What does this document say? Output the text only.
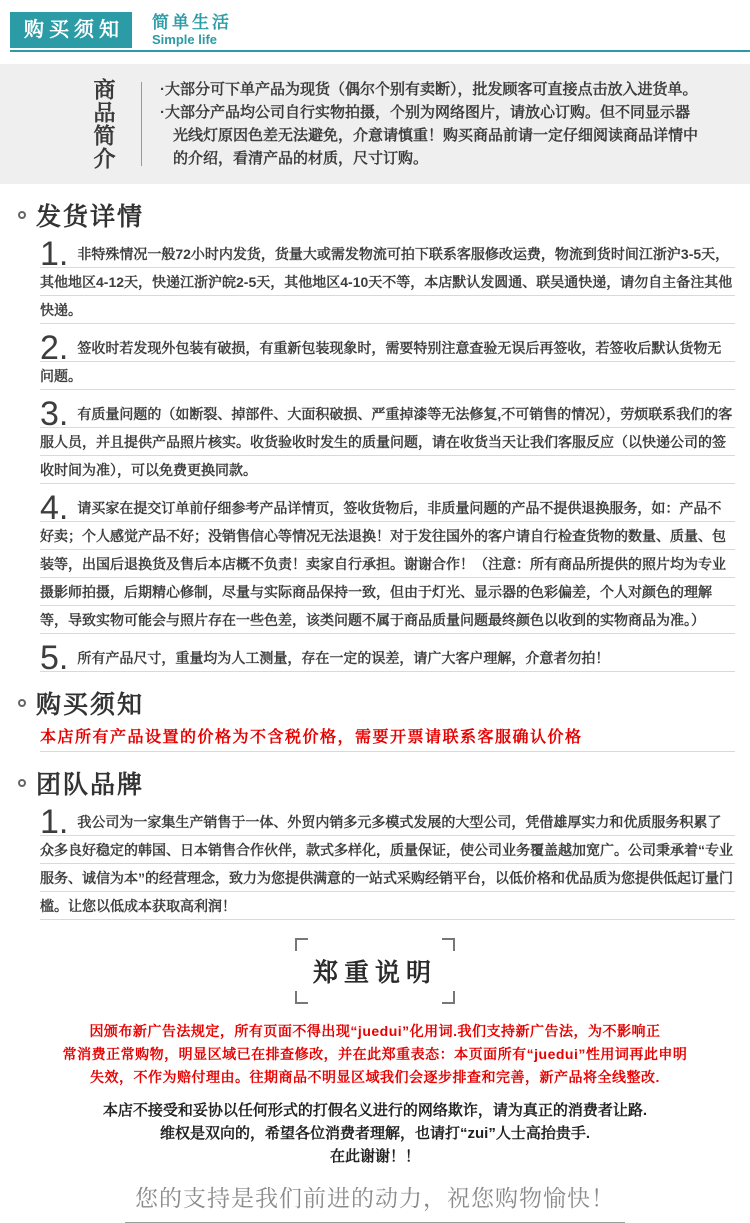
购买须知	简单生活
Simple life
商品简介	·大部分可下单产品为现货（偶尔个别有卖断），批发顾客可直接点击放入进货单。

·大部分产品均公司自行实物拍摄，个别为网络图片，请放心订购。但不同显示器光线灯原因色差无法避免，介意请慎重！购买商品前请一定仔细阅读商品详情中的介绍，看清产品的材质，尺寸订购。

发货详情
1. 非特殊情况一般72小时内发货，货量大或需发物流可拍下联系客服修改运费，物流到货时间江浙沪3-5天，其他地区4-12天，快递江浙沪皖2-5天，其他地区4-10天不等，本店默认发圆通、联吴通快递，请勿自主备注其他快递。
2. 签收时若发现外包装有破损，有重新包装现象时，需要特别注意查验无误后再签收，若签收后默认货物无问题。
3. 有质量问题的（如断裂、掉部件、大面积破损、严重掉漆等无法修复,不可销售的情况），劳烦联系我们的客服人员，并且提供产品照片核实。收货验收时发生的质量问题，请在收货当天让我们客服反应（以快递公司的签收时间为准），可以免费更换同款。
4. 请买家在提交订单前仔细参考产品详情页，签收货物后，非质量问题的产品不提供退换服务，如：产品不好卖；个人感觉产品不好；没销售信心等情况无法退换！对于发往国外的客户请自行检查货物的数量、质量、包装等，出国后退换货及售后本店概不负责！卖家自行承担。谢谢合作！（注意：所有商品所提供的照片均为专业摄影师拍摄，后期精心修制，尽量与实际商品保持一致，但由于灯光、显示器的色彩偏差，个人对颜色的理解等，导致实物可能会与照片存在一些色差，该类问题不属于商品质量问题最终颜色以收到的实物商品为准。）
5. 所有产品尺寸，重量均为人工测量，存在一定的误差，请广大客户理解，介意者勿拍！
购买须知
本店所有产品设置的价格为不含税价格，需要开票请联系客服确认价格
团队品牌
1. 我公司为一家集生产销售于一体、外贸内销多元多模式发展的大型公司，凭借雄厚实力和优质服务积累了众多良好稳定的韩国、日本销售合作伙伴，款式多样化，质量保证，使公司业务覆盖越加宽广。公司秉承着“专业服务、诚信为本”的经营理念，致力为您提供满意的一站式采购经销平台，以低价格和优品质为您提供低起订量门槛。让您以低成本获取高利润！
郑重说明
因颁布新广告法规定，所有页面不得出现“juedui”化用词.我们支持新广告法，为不影响正
常消费正常购物，明显区域已在排查修改，并在此郑重表态：本页面所有“juedui”性用词再此申明
失效，不作为赔付理由。往期商品不明显区域我们会逐步排查和完善，新产品将全线整改.
本店不接受和妥协以任何形式的打假名义进行的网络欺诈，请为真正的消费者让路.
维权是双向的，希望各位消费者理解，也请打“zui”人士高抬贵手.
在此谢谢！！
您的支持是我们前进的动力，祝您购物愉快！
